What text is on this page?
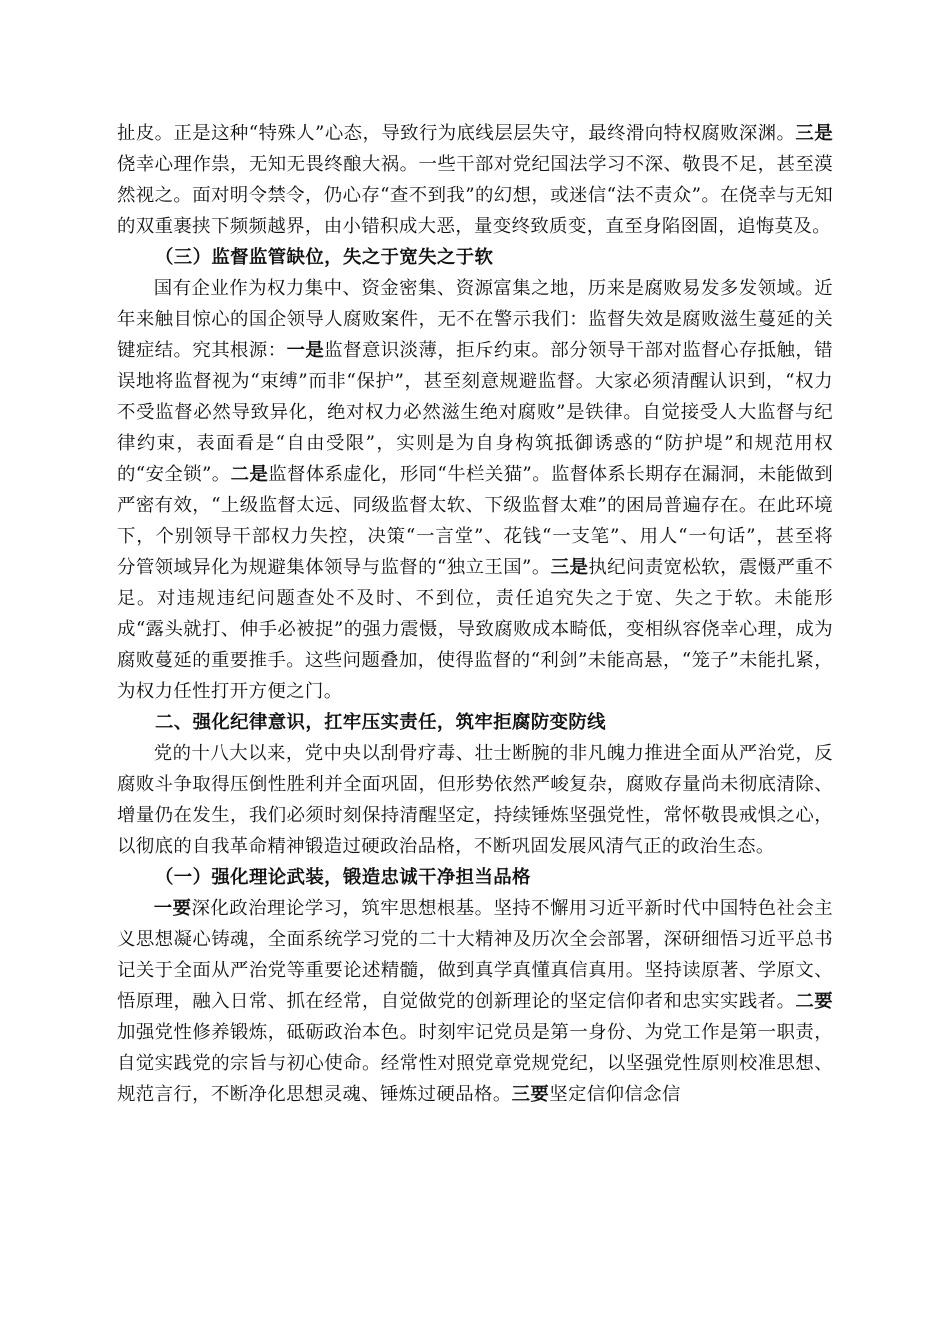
扯皮。正是这种“特殊人”心态，导致行为底线层层失守，最终滑向特权腐败深渊。三是侥幸心理作祟，无知无畏终酿大祸。一些干部对党纪国法学习不深、敬畏不足，甚至漠然视之。面对明令禁令，仍心存“查不到我”的幻想，或迷信“法不责众”。在侥幸与无知的双重裹挟下频频越界，由小错积成大恶，量变终致质变，直至身陷囹圄，追悔莫及。

（三）监督监管缺位，失之于宽失之于软

国有企业作为权力集中、资金密集、资源富集之地，历来是腐败易发多发领域。近年来触目惊心的国企领导人腐败案件，无不在警示我们：监督失效是腐败滋生蔓延的关键症结。究其根源：一是监督意识淡薄，拒斥约束。部分领导干部对监督心存抵触，错误地将监督视为“束缚”而非“保护”，甚至刻意规避监督。大家必须清醒认识到，“权力不受监督必然导致异化，绝对权力必然滋生绝对腐败”是铁律。自觉接受人大监督与纪律约束，表面看是“自由受限”，实则是为自身构筑抵御诱惑的“防护堤”和规范用权的“安全锁”。二是监督体系虚化，形同“牛栏关猫”。监督体系长期存在漏洞，未能做到严密有效，“上级监督太远、同级监督太软、下级监督太难”的困局普遍存在。在此环境下，个别领导干部权力失控，决策“一言堂”、花钱“一支笔”、用人“一句话”，甚至将分管领域异化为规避集体领导与监督的“独立王国”。三是执纪问责宽松软，震慑严重不足。对违规违纪问题查处不及时、不到位，责任追究失之于宽、失之于软。未能形成“露头就打、伸手必被捉”的强力震慑，导致腐败成本畸低，变相纵容侥幸心理，成为腐败蔓延的重要推手。这些问题叠加，使得监督的“利剑”未能高悬，“笼子”未能扎紧，为权力任性打开方便之门。

二、强化纪律意识，扛牢压实责任，筑牢拒腐防变防线

党的十八大以来，党中央以刮骨疗毒、壮士断腕的非凡魄力推进全面从严治党，反腐败斗争取得压倒性胜利并全面巩固，但形势依然严峻复杂，腐败存量尚未彻底清除、增量仍在发生，我们必须时刻保持清醒坚定，持续锤炼坚强党性，常怀敬畏戒惧之心，以彻底的自我革命精神锻造过硬政治品格，不断巩固发展风清气正的政治生态。

（一）强化理论武装，锻造忠诚干净担当品格

一要深化政治理论学习，筑牢思想根基。坚持不懈用习近平新时代中国特色社会主义思想凝心铸魂，全面系统学习党的二十大精神及历次全会部署，深研细悟习近平总书记关于全面从严治党等重要论述精髓，做到真学真懂真信真用。坚持读原著、学原文、悟原理，融入日常、抓在经常，自觉做党的创新理论的坚定信仰者和忠实实践者。二要加强党性修养锻炼，砥砺政治本色。时刻牢记党员是第一身份、为党工作是第一职责，自觉实践党的宗旨与初心使命。经常性对照党章党规党纪，以坚强党性原则校准思想、规范言行，不断净化思想灵魂、锤炼过硬品格。三要坚定信仰信念信
